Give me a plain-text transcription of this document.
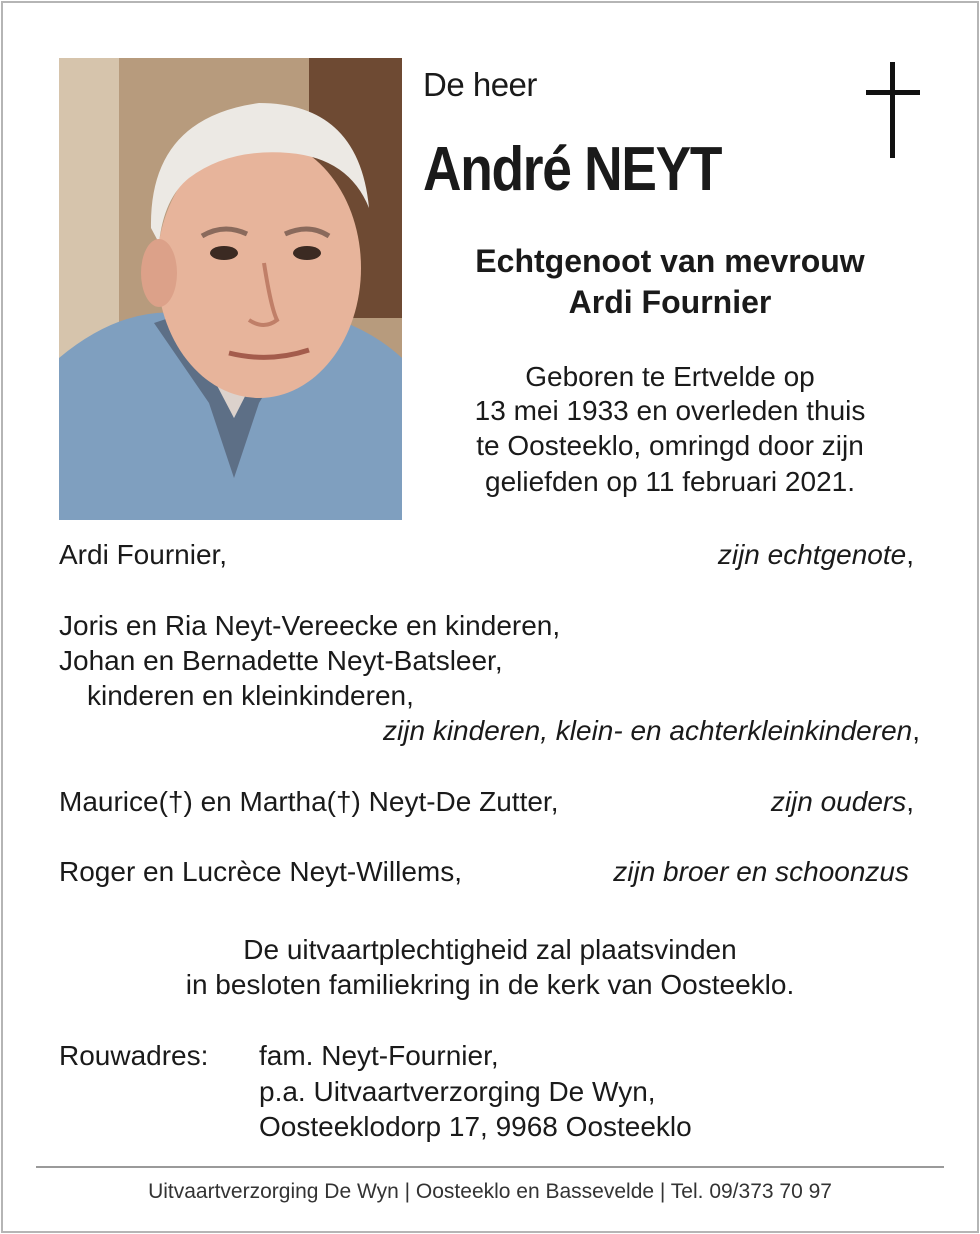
De heer
André NEYT
Echtgenoot van mevrouw
Ardi Fournier
Geboren te Ertvelde op
13 mei 1933 en overleden thuis
te Oosteeklo, omringd door zijn
geliefden op 11 februari 2021.
Ardi Fournier,	zijn echtgenote,
Joris en Ria Neyt-Vereecke en kinderen,
Johan en Bernadette Neyt-Batsleer,
kinderen en kleinkinderen,
zijn kinderen, klein- en achterkleinkinderen,
Maurice(†) en Martha(†) Neyt-De Zutter,	zijn ouders,
Roger en Lucrèce Neyt-Willems,	zijn broer en schoonzus
De uitvaartplechtigheid zal plaatsvinden
in besloten familiekring in de kerk van Oosteeklo.
Rouwadres: fam. Neyt-Fournier,
p.a. Uitvaartverzorging De Wyn,
Oosteeklodorp 17, 9968 Oosteeklo
Uitvaartverzorging De Wyn | Oosteeklo en Bassevelde | Tel. 09/373 70 97
